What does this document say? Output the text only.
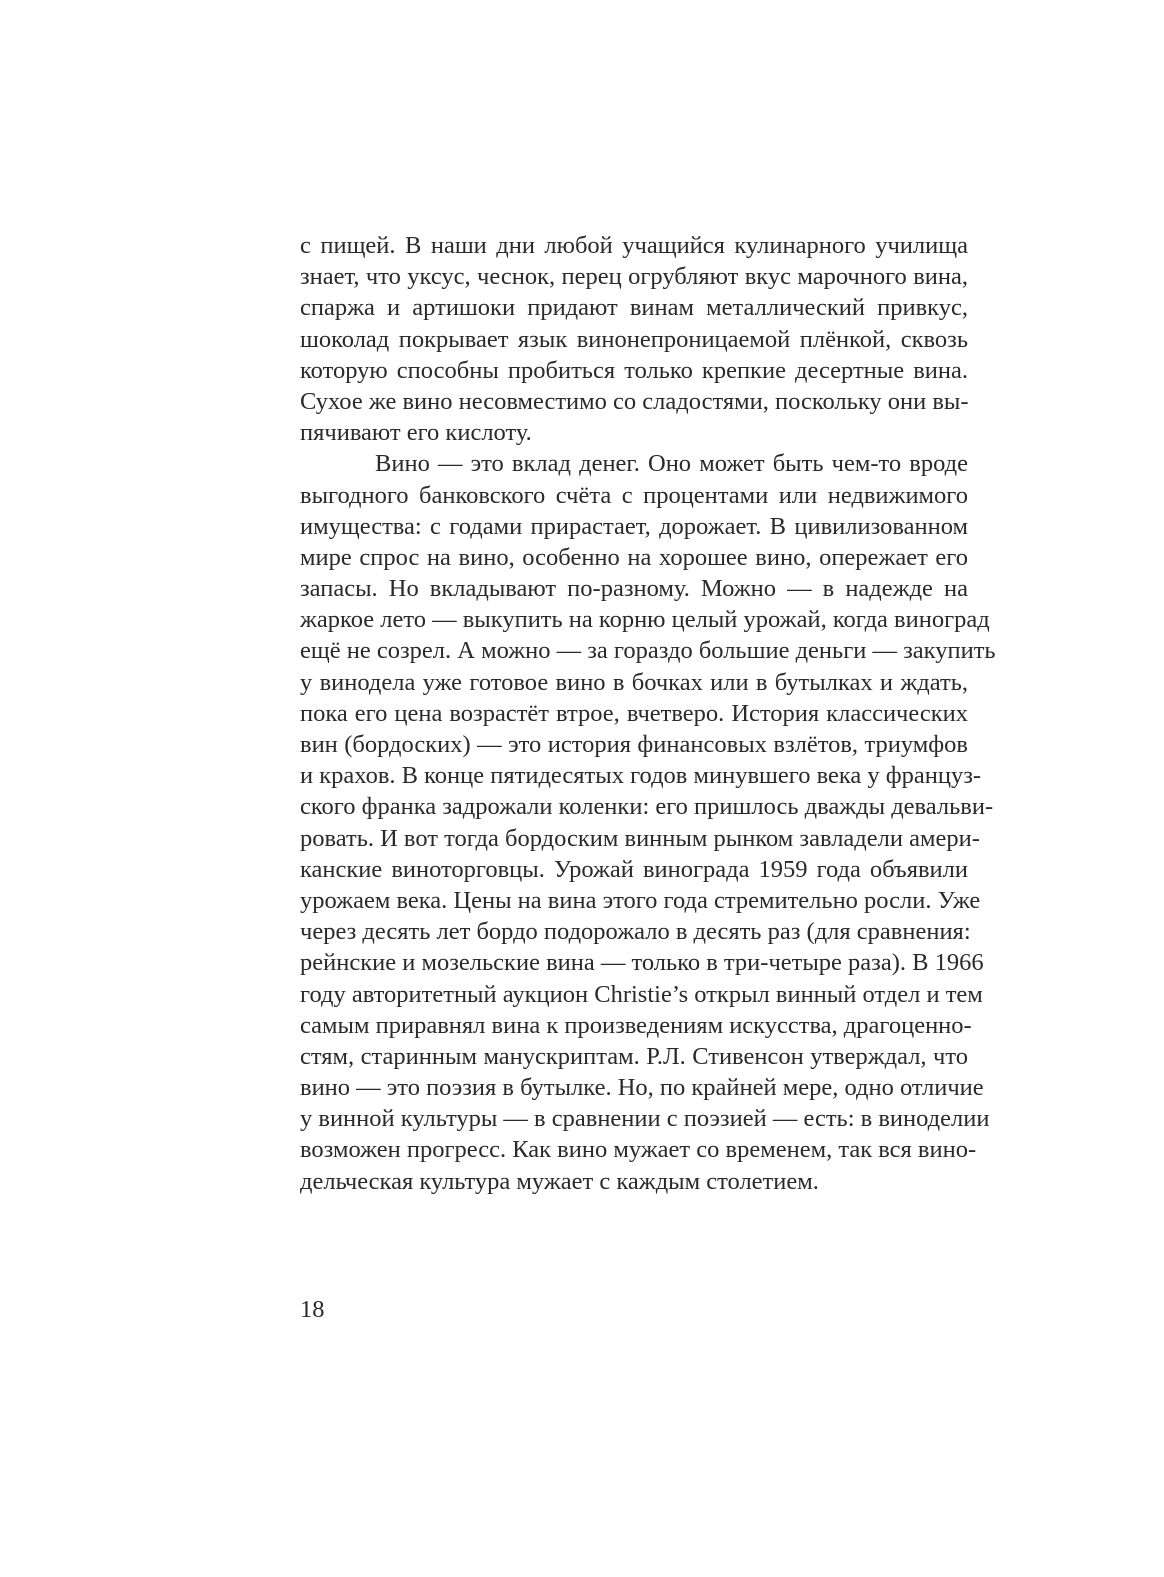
с пищей. В наши дни любой учащийся кулинарного училища
знает, что уксус, чеснок, перец огрубляют вкус марочного вина,
спаржа и артишоки придают винам металлический привкус,
шоколад покрывает язык винонепроницаемой плёнкой, сквозь
которую способны пробиться только крепкие десертные вина.
Сухое же вино несовместимо со сладостями, поскольку они вы-
пячивают его кислоту.
Вино — это вклад денег. Оно может быть чем-то вроде
выгодного банковского счёта с процентами или недвижимого
имущества: с годами прирастает, дорожает. В цивилизованном
мире спрос на вино, особенно на хорошее вино, опережает его
запасы. Но вкладывают по-разному. Можно — в надежде на
жаркое лето — выкупить на корню целый урожай, когда виноград
ещё не созрел. А можно — за гораздо большие деньги — закупить
у винодела уже готовое вино в бочках или в бутылках и ждать,
пока его цена возрастёт втрое, вчетверо. История классических
вин (бордоских) — это история финансовых взлётов, триумфов
и крахов. В конце пятидесятых годов минувшего века у француз-
ского франка задрожали коленки: его пришлось дважды девальви-
ровать. И вот тогда бордоским винным рынком завладели амери-
канские виноторговцы. Урожай винограда 1959 года объявили
урожаем века. Цены на вина этого года стремительно росли. Уже
через десять лет бордо подорожало в десять раз (для сравнения:
рейнские и мозельские вина — только в три-четыре раза). В 1966
году авторитетный аукцион Christie’s открыл винный отдел и тем
самым приравнял вина к произведениям искусства, драгоценно-
стям, старинным манускриптам. Р.Л. Стивенсон утверждал, что
вино — это поэзия в бутылке. Но, по крайней мере, одно отличие
у винной культуры — в сравнении с поэзией — есть: в виноделии
возможен прогресс. Как вино мужает со временем, так вся вино-
дельческая культура мужает с каждым столетием.
18
